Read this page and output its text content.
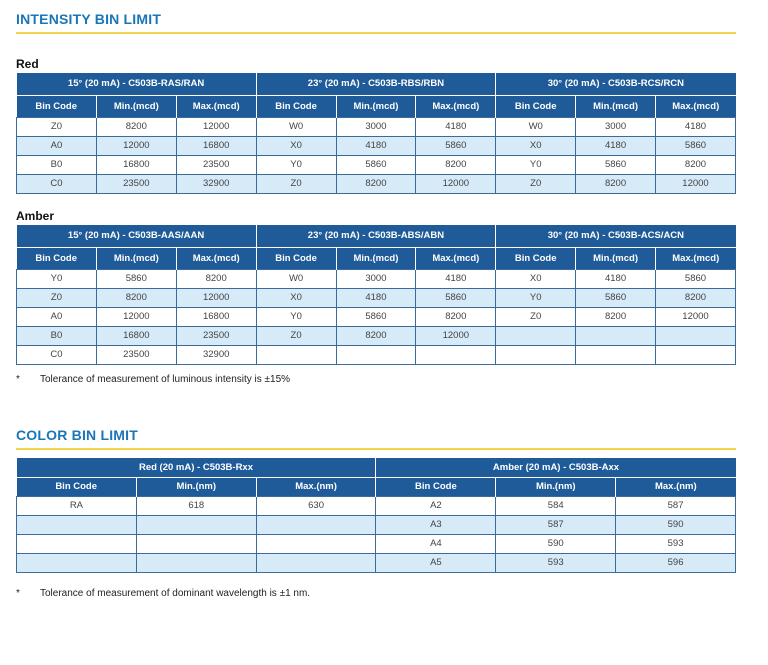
INTENSITY BIN LIMIT
Red
15° (20 mA) - C503B-RAS/RAN			23° (20 mA) - C503B-RBS/RBN			30° (20 mA) - C503B-RCS/RCN		
Bin Code	Min.(mcd)	Max.(mcd)	Bin Code	Min.(mcd)	Max.(mcd)	Bin Code	Min.(mcd)	Max.(mcd)
Z0	8200	12000	W0	3000	4180	W0	3000	4180
A0	12000	16800	X0	4180	5860	X0	4180	5860
B0	16800	23500	Y0	5860	8200	Y0	5860	8200
C0	23500	32900	Z0	8200	12000	Z0	8200	12000
Amber
15° (20 mA) - C503B-AAS/AAN			23° (20 mA) - C503B-ABS/ABN			30° (20 mA) - C503B-ACS/ACN		
Bin Code	Min.(mcd)	Max.(mcd)	Bin Code	Min.(mcd)	Max.(mcd)	Bin Code	Min.(mcd)	Max.(mcd)
Y0	5860	8200	W0	3000	4180	X0	4180	5860
Z0	8200	12000	X0	4180	5860	Y0	5860	8200
A0	12000	16800	Y0	5860	8200	Z0	8200	12000
B0	16800	23500	Z0	8200	12000			
C0	23500	32900						
* Tolerance of measurement of luminous intensity is ±15%
COLOR BIN LIMIT
Red (20 mA) - C503B-Rxx			Amber (20 mA) - C503B-Axx		
Bin Code	Min.(nm)	Max.(nm)	Bin Code	Min.(nm)	Max.(nm)
RA	618	630	A2	584	587
			A3	587	590
			A4	590	593
			A5	593	596
* Tolerance of measurement of dominant wavelength is ±1 nm.
